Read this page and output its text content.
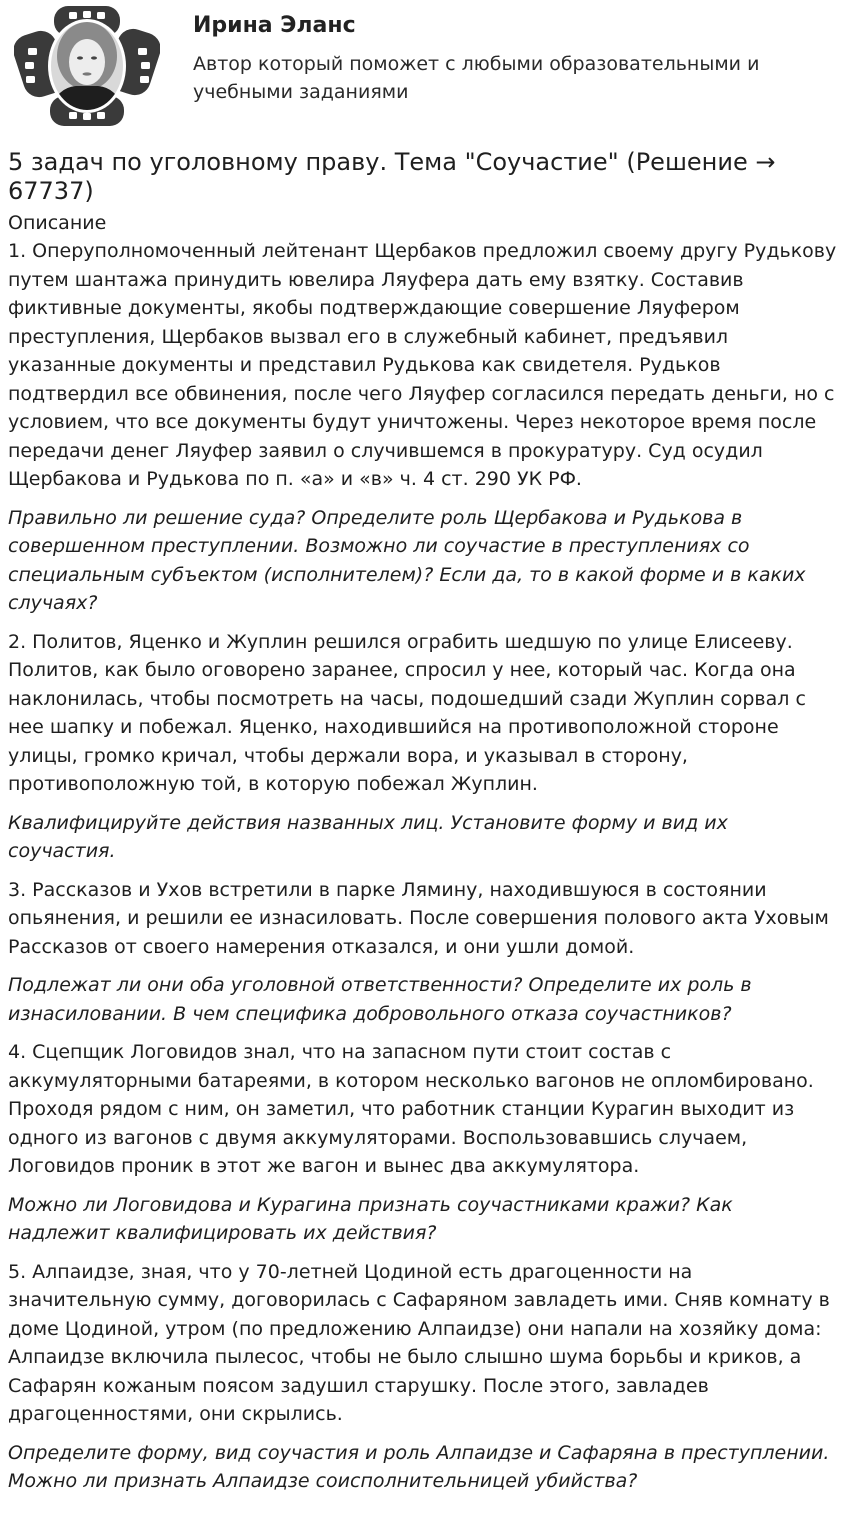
Ирина Эланс
Автор который поможет с любыми образовательными и учебными заданиями
5 задач по уголовному праву. Тема "Соучастие" (Решение → 67737)
Описание

1. Оперуполномоченный лейтенант Щербаков предложил своему другу Рудькову путем шантажа принудить ювелира Ляуфера дать ему взятку. Составив фиктивные документы, якобы подтверждающие совершение Ляуфером преступления, Щербаков вызвал его в служебный кабинет, предъявил указанные документы и представил Рудькова как свидетеля. Рудьков подтвердил все обвинения, после чего Ляуфер согласился передать деньги, но с условием, что все документы будут уничтожены. Через некоторое время после передачи денег Ляуфер заявил о случившемся в прокуратуру. Суд осудил Щербакова и Рудькова по п. «а» и «в» ч. 4 ст. 290 УК РФ.

Правильно ли решение суда? Определите роль Щербакова и Рудькова в совершенном преступлении. Возможно ли соучастие в преступлениях со специальным субъектом (исполнителем)? Если да, то в какой форме и в каких случаях?

2. Политов, Яценко и Жуплин решился ограбить шедшую по улице Елисееву. Политов, как было оговорено заранее, спросил у нее, который час. Когда она наклонилась, чтобы посмотреть на часы, подошедший сзади Жуплин сорвал с нее шапку и побежал. Яценко, находившийся на противоположной стороне улицы, громко кричал, чтобы держали вора, и указывал в сторону, противоположную той, в которую побежал Жуплин.

Квалифицируйте действия названных лиц. Установите форму и вид их соучастия.

3. Рассказов и Ухов встретили в парке Лямину, находившуюся в состоянии опьянения, и решили ее изнасиловать. После совершения полового акта Уховым Рассказов от своего намерения отказался, и они ушли домой.

Подлежат ли они оба уголовной ответственности? Определите их роль в изнасиловании. В чем специфика добровольного отказа соучастников?

4. Сцепщик Логовидов знал, что на запасном пути стоит состав с аккумуляторными батареями, в котором несколько вагонов не опломбировано. Проходя рядом с ним, он заметил, что работник станции Курагин выходит из одного из вагонов с двумя аккумуляторами. Воспользовавшись случаем, Логовидов проник в этот же вагон и вынес два аккумулятора.

Можно ли Логовидова и Курагина признать соучастниками кражи? Как надлежит квалифицировать их действия?

5. Алпаидзе, зная, что у 70-летней Цодиной есть драгоценности на значительную сумму, договорилась с Сафаряном завладеть ими. Сняв комнату в доме Цодиной, утром (по предложению Алпаидзе) они напали на хозяйку дома: Алпаидзе включила пылесос, чтобы не было слышно шума борьбы и криков, а Сафарян кожаным поясом задушил старушку. После этого, завладев драгоценностями, они скрылись.

Определите форму, вид соучастия и роль Алпаидзе и Сафаряна в преступлении. Можно ли признать Алпаидзе соисполнительницей убийства?
